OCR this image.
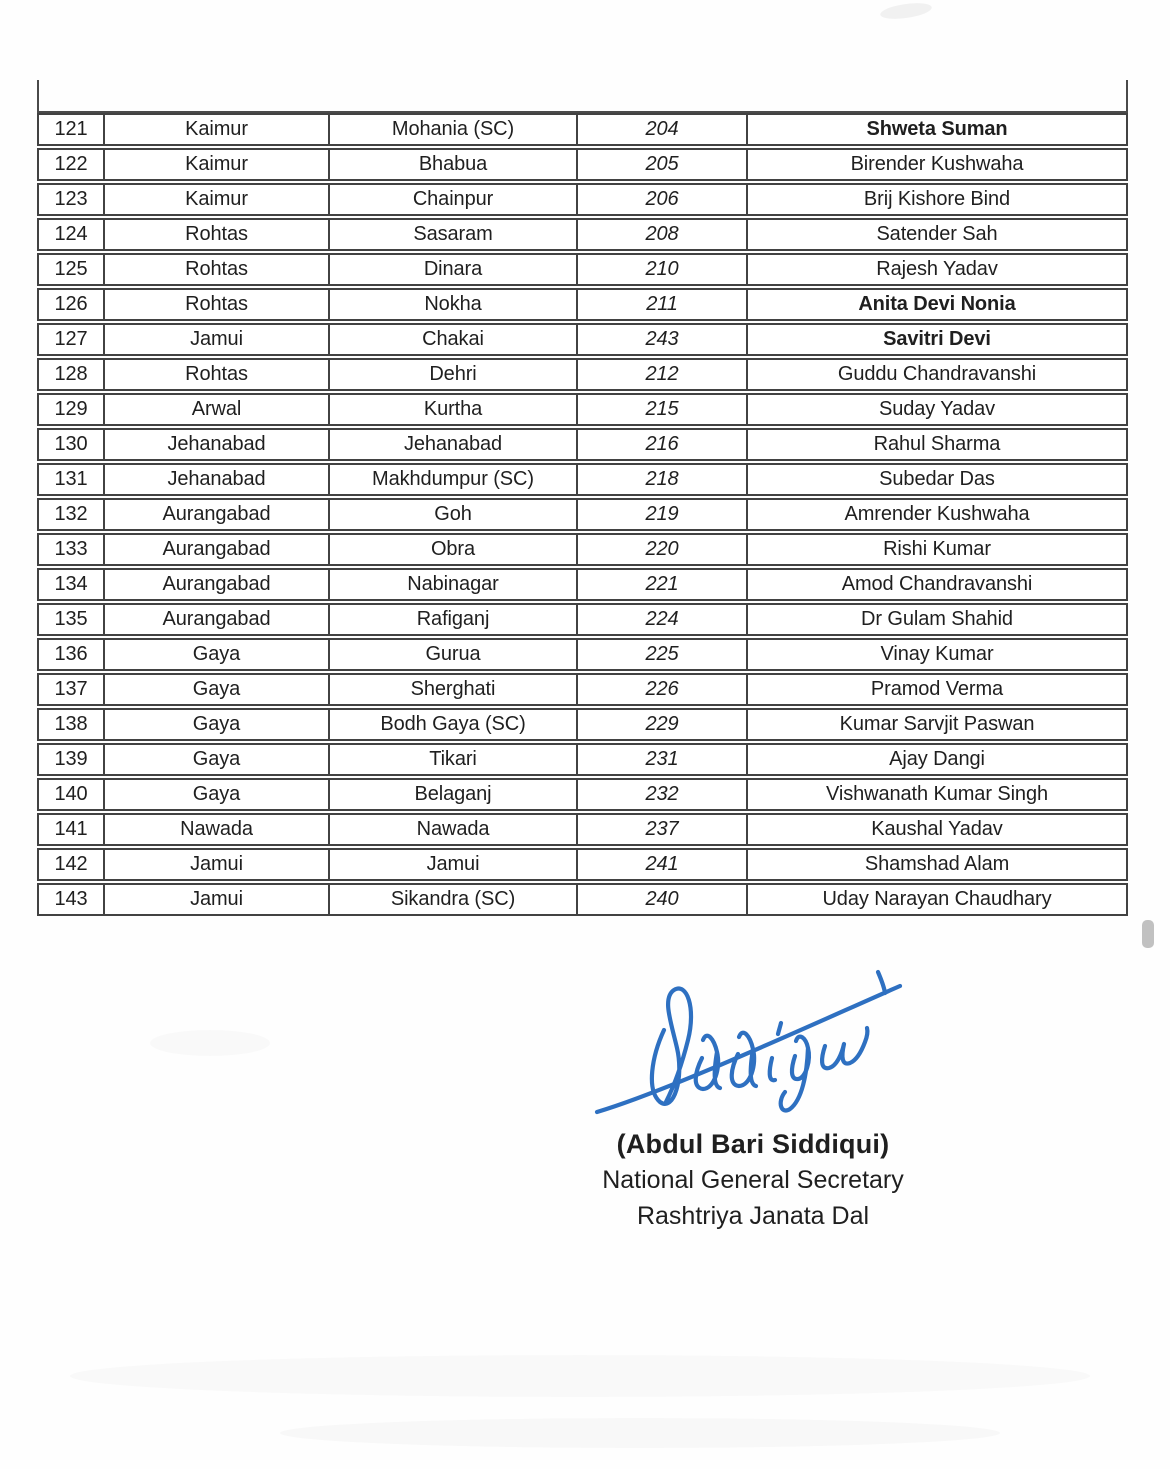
121	Kaimur	Mohania (SC)	204	Shweta Suman
122	Kaimur	Bhabua	205	Birender Kushwaha
123	Kaimur	Chainpur	206	Brij Kishore Bind
124	Rohtas	Sasaram	208	Satender Sah
125	Rohtas	Dinara	210	Rajesh Yadav
126	Rohtas	Nokha	211	Anita Devi Nonia
127	Jamui	Chakai	243	Savitri Devi
128	Rohtas	Dehri	212	Guddu Chandravanshi
129	Arwal	Kurtha	215	Suday Yadav
130	Jehanabad	Jehanabad	216	Rahul Sharma
131	Jehanabad	Makhdumpur (SC)	218	Subedar Das
132	Aurangabad	Goh	219	Amrender Kushwaha
133	Aurangabad	Obra	220	Rishi Kumar
134	Aurangabad	Nabinagar	221	Amod Chandravanshi
135	Aurangabad	Rafiganj	224	Dr Gulam Shahid
136	Gaya	Gurua	225	Vinay Kumar
137	Gaya	Sherghati	226	Pramod Verma
138	Gaya	Bodh Gaya (SC)	229	Kumar Sarvjit Paswan
139	Gaya	Tikari	231	Ajay Dangi
140	Gaya	Belaganj	232	Vishwanath Kumar Singh
141	Nawada	Nawada	237	Kaushal Yadav
142	Jamui	Jamui	241	Shamshad Alam
143	Jamui	Sikandra (SC)	240	Uday Narayan Chaudhary
(Abdul Bari Siddiqui)
National General Secretary
Rashtriya Janata Dal
